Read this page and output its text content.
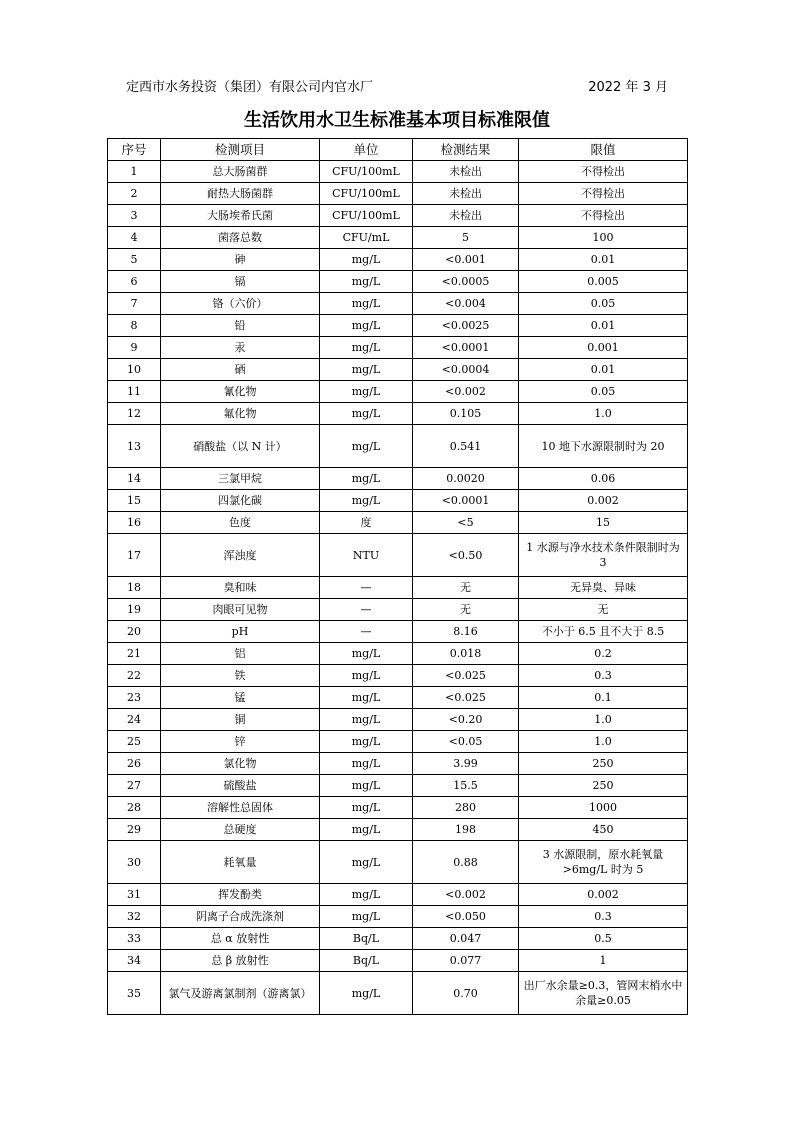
定西市水务投资（集团）有限公司内官水厂	2022 年 3 月
生活饮用水卫生标准基本项目标准限值
序号	检测项目	单位	检测结果	限值
1	总大肠菌群	CFU/100mL	未检出	不得检出
2	耐热大肠菌群	CFU/100mL	未检出	不得检出
3	大肠埃希氏菌	CFU/100mL	未检出	不得检出
4	菌落总数	CFU/mL	5	100
5	砷	mg/L	<0.001	0.01
6	镉	mg/L	<0.0005	0.005
7	铬（六价）	mg/L	<0.004	0.05
8	铅	mg/L	<0.0025	0.01
9	汞	mg/L	<0.0001	0.001
10	硒	mg/L	<0.0004	0.01
11	氰化物	mg/L	<0.002	0.05
12	氟化物	mg/L	0.105	1.0
13	硝酸盐（以 N 计）	mg/L	0.541	10 地下水源限制时为 20
14	三氯甲烷	mg/L	0.0020	0.06
15	四氯化碳	mg/L	<0.0001	0.002
16	色度	度	<5	15
17	浑浊度	NTU	<0.50	1 水源与净水技术条件限制时为 3
18	臭和味	—	无	无异臭、异味
19	肉眼可见物	—	无	无
20	pH	—	8.16	不小于 6.5 且不大于 8.5
21	铝	mg/L	0.018	0.2
22	铁	mg/L	<0.025	0.3
23	锰	mg/L	<0.025	0.1
24	铜	mg/L	<0.20	1.0
25	锌	mg/L	<0.05	1.0
26	氯化物	mg/L	3.99	250
27	硫酸盐	mg/L	15.5	250
28	溶解性总固体	mg/L	280	1000
29	总硬度	mg/L	198	450
30	耗氧量	mg/L	0.88	3 水源限制，原水耗氧量>6mg/L 时为 5
31	挥发酚类	mg/L	<0.002	0.002
32	阴离子合成洗涤剂	mg/L	<0.050	0.3
33	总 α 放射性	Bq/L	0.047	0.5
34	总 β 放射性	Bq/L	0.077	1
35	氯气及游离氯制剂（游离氯）	mg/L	0.70	出厂水余量≥0.3，管网末梢水中余量≥0.05
